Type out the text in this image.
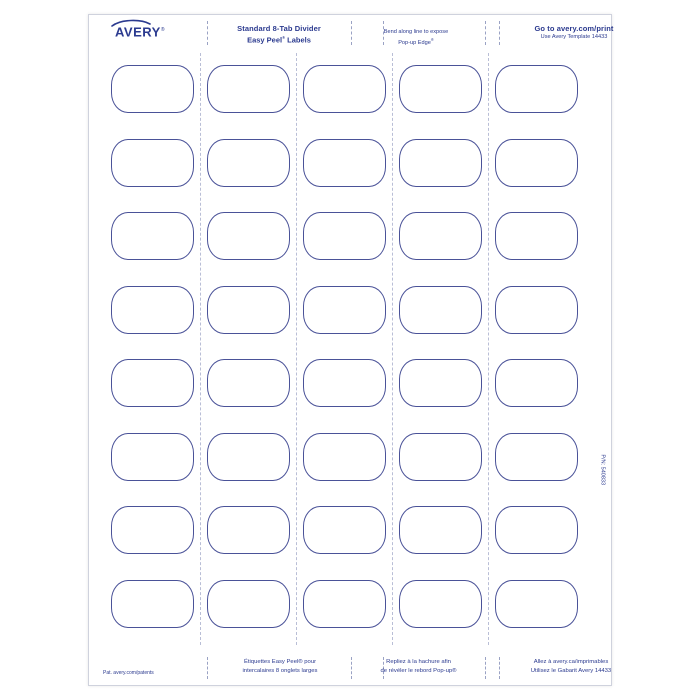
AVERY®	Standard 8-Tab Divider
Easy Peel® Labels
Bend along line to expose
Pop-up Edge®
Go to avery.com/print
Use Avery Template 14433
P/N: 540833
Pat. avery.com/patents
Étiquettes Easy Peel® pour
intercalaires 8 onglets larges
Repliez à la hachure afin
de révéler le rebord Pop-up®
Allez à avery.ca/imprimables
Utilisez le Gabarit Avery 14433
